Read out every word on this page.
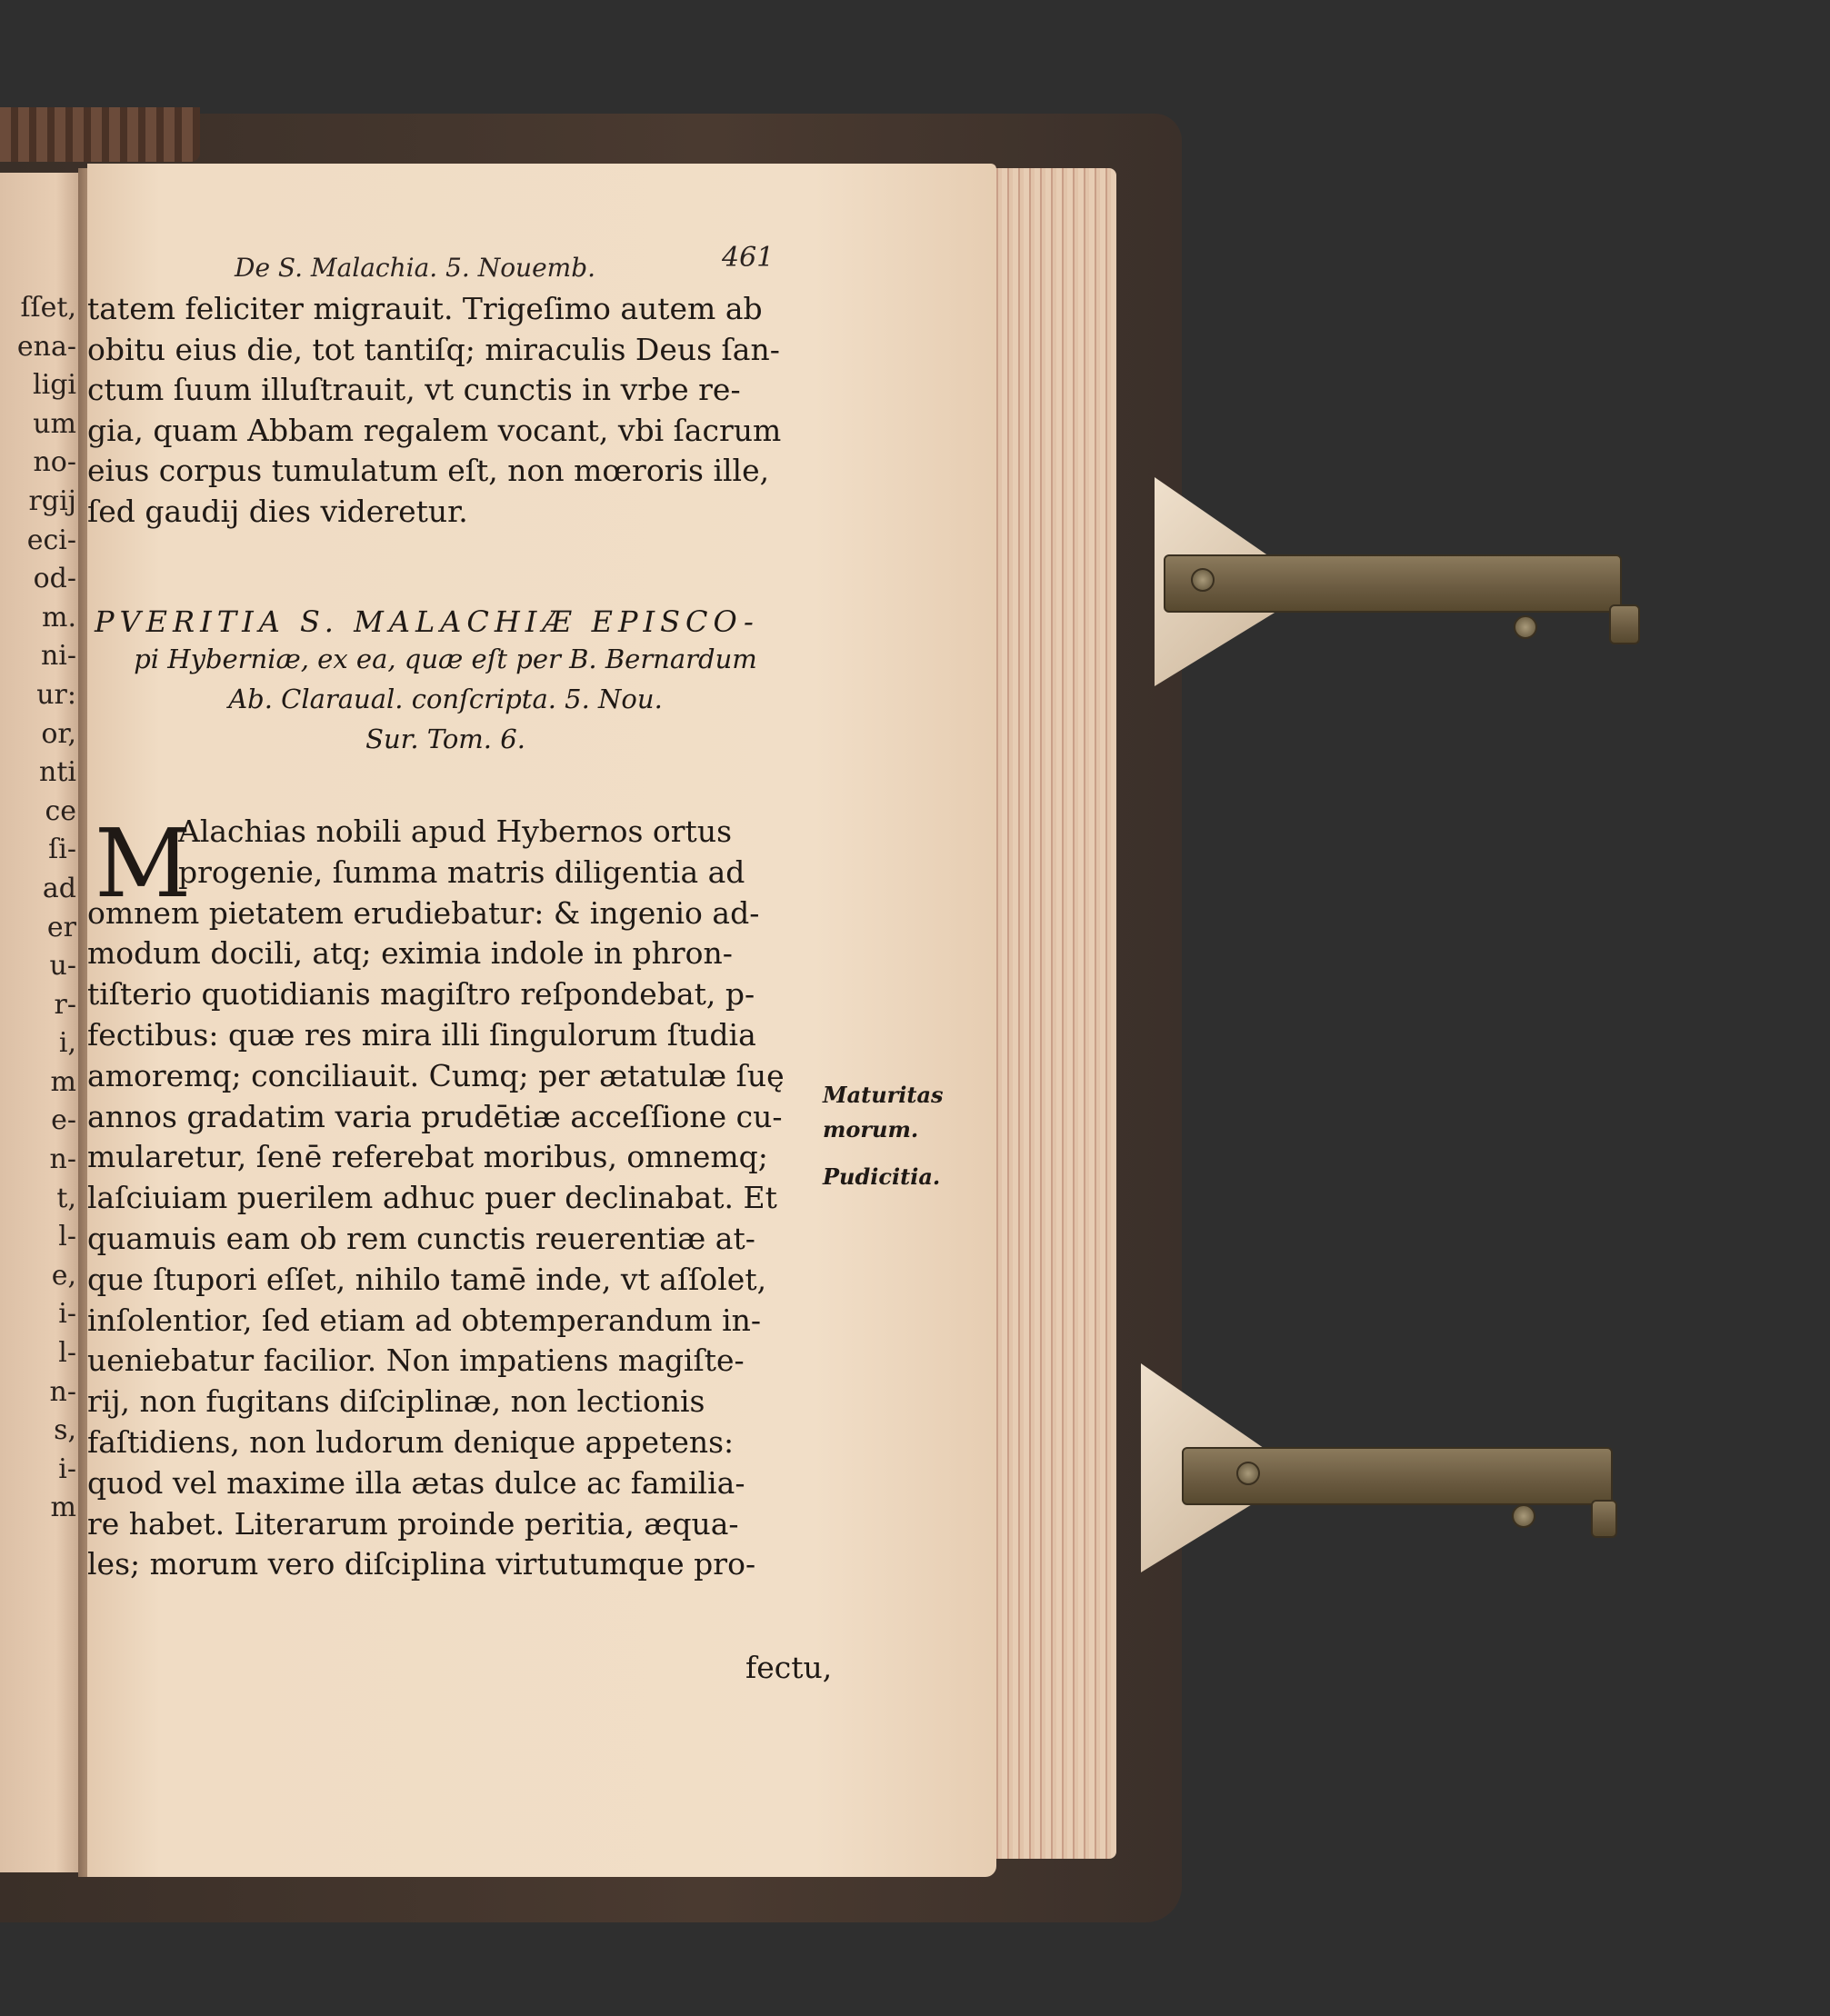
ſſet,
ena-
ligi
um
no-
rgij
eci-
od-
m.
ni-
ur:
or,
nti
ce
ſi-
ad
er
u-
r-
i,
m
e-
n-
t,
l-
e,
i-
l-
n-
s,
i-
m
De S. Malachia. 5. Nouemb.	461
tatem feliciter migrauit. Trigeſimo autem ab
obitu eius die, tot tantiſq; miraculis Deus ſan-
ctum ſuum illuſtrauit, vt cunctis in vrbe re-
gia, quam Abbam regalem vocant, vbi ſacrum
eius corpus tumulatum eſt, non mœroris ille,
ſed gaudij dies videretur.
PVERITIA S. MALACHIÆ EPISCO-
pi Hyberniæ, ex ea, quæ eſt per B. Bernardum
Ab. Claraual. conſcripta. 5. Nou.
Sur. Tom. 6.
M
Alachias nobili apud Hybernos ortus
progenie, ſumma matris diligentia ad
omnem pietatem erudiebatur: & ingenio ad-
modum docili, atq; eximia indole in phron-
tiſterio quotidianis magiſtro reſpondebat, p-
fectibus: quæ res mira illi ſingulorum ſtudia
amoremq; conciliauit. Cumq; per ætatulæ ſuę
annos gradatim varia prudētiæ acceſſione cu-
mularetur, ſenē referebat moribus, omnemq;
laſciuiam puerilem adhuc puer declinabat. Et
quamuis eam ob rem cunctis reuerentiæ at-
que ſtupori eſſet, nihilo tamē inde, vt aſſolet,
inſolentior, ſed etiam ad obtemperandum in-
ueniebatur facilior. Non impatiens magiſte-
rij, non fugitans diſciplinæ, non lectionis
faſtidiens, non ludorum denique appetens:
quod vel maxime illa ætas dulce ac familia-
re habet. Literarum proinde peritia, æqua-
les; morum vero diſciplina virtutumque pro-
fectu,
Maturitas
morum.
Pudicitia.
